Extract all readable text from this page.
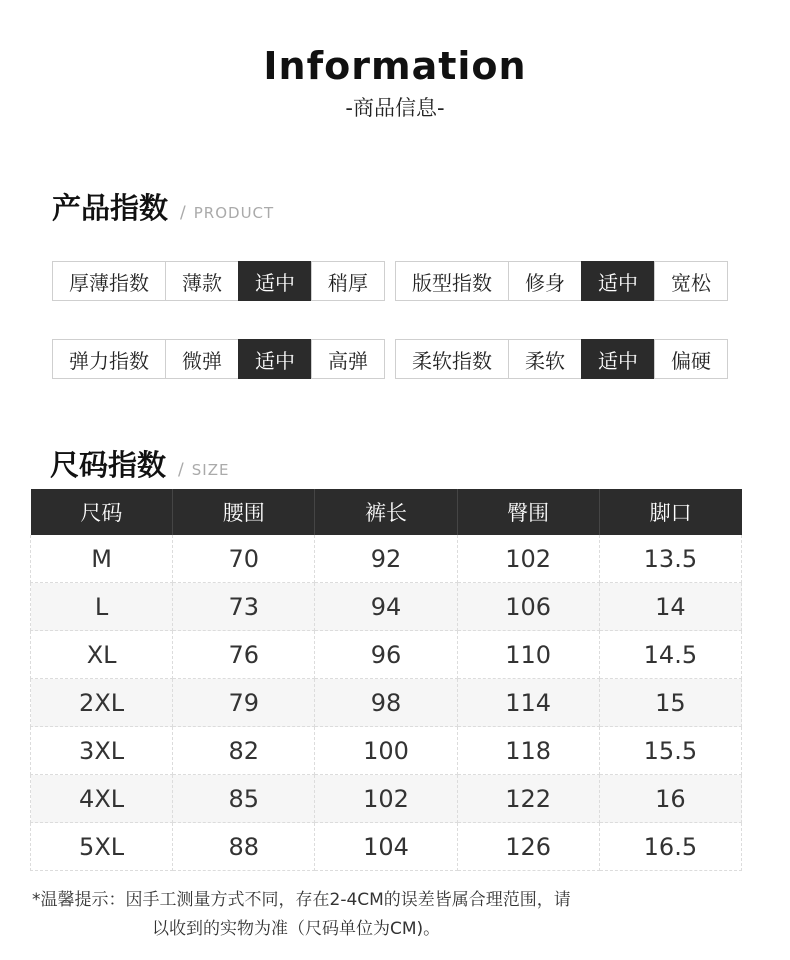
Information
-商品信息-
产品指数 / PRODUCT
厚薄指数	薄款	适中	稍厚	版型指数	修身	适中	宽松
弹力指数	微弹	适中	高弹	柔软指数	柔软	适中	偏硬
尺码指数 / SIZE
尺码	腰围	裤长	臀围	脚口
M	70	92	102	13.5
L	73	94	106	14
XL	76	96	110	14.5
2XL	79	98	114	15
3XL	82	100	118	15.5
4XL	85	102	122	16
5XL	88	104	126	16.5
*温馨提示：因手工测量方式不同，存在2-4CM的误差皆属合理范围，请
以收到的实物为准（尺码单位为CM)。
